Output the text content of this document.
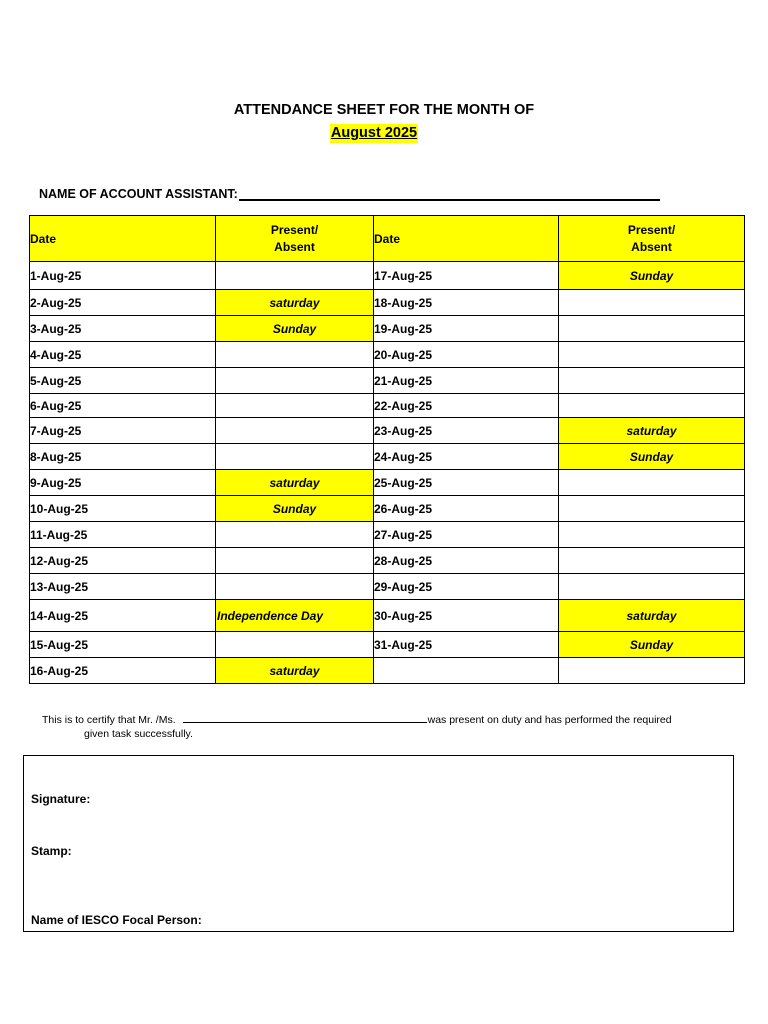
ATTENDANCE SHEET FOR THE MONTH OF
August 2025
NAME OF ACCOUNT ASSISTANT:
Date	Present/
Absent	Date	Present/
Absent
1-Aug-25		17-Aug-25	Sunday
2-Aug-25	saturday	18-Aug-25	
3-Aug-25	Sunday	19-Aug-25	
4-Aug-25		20-Aug-25	
5-Aug-25		21-Aug-25	
6-Aug-25		22-Aug-25	
7-Aug-25		23-Aug-25	saturday
8-Aug-25		24-Aug-25	Sunday
9-Aug-25	saturday	25-Aug-25	
10-Aug-25	Sunday	26-Aug-25	
11-Aug-25		27-Aug-25	
12-Aug-25		28-Aug-25	
13-Aug-25		29-Aug-25	
14-Aug-25	Independence Day	30-Aug-25	saturday
15-Aug-25		31-Aug-25	Sunday
16-Aug-25	saturday		
This is to certify that Mr. /Ms.	was present on duty and has performed the required
given task successfully.
Signature:
Stamp:
Name of IESCO Focal Person:
